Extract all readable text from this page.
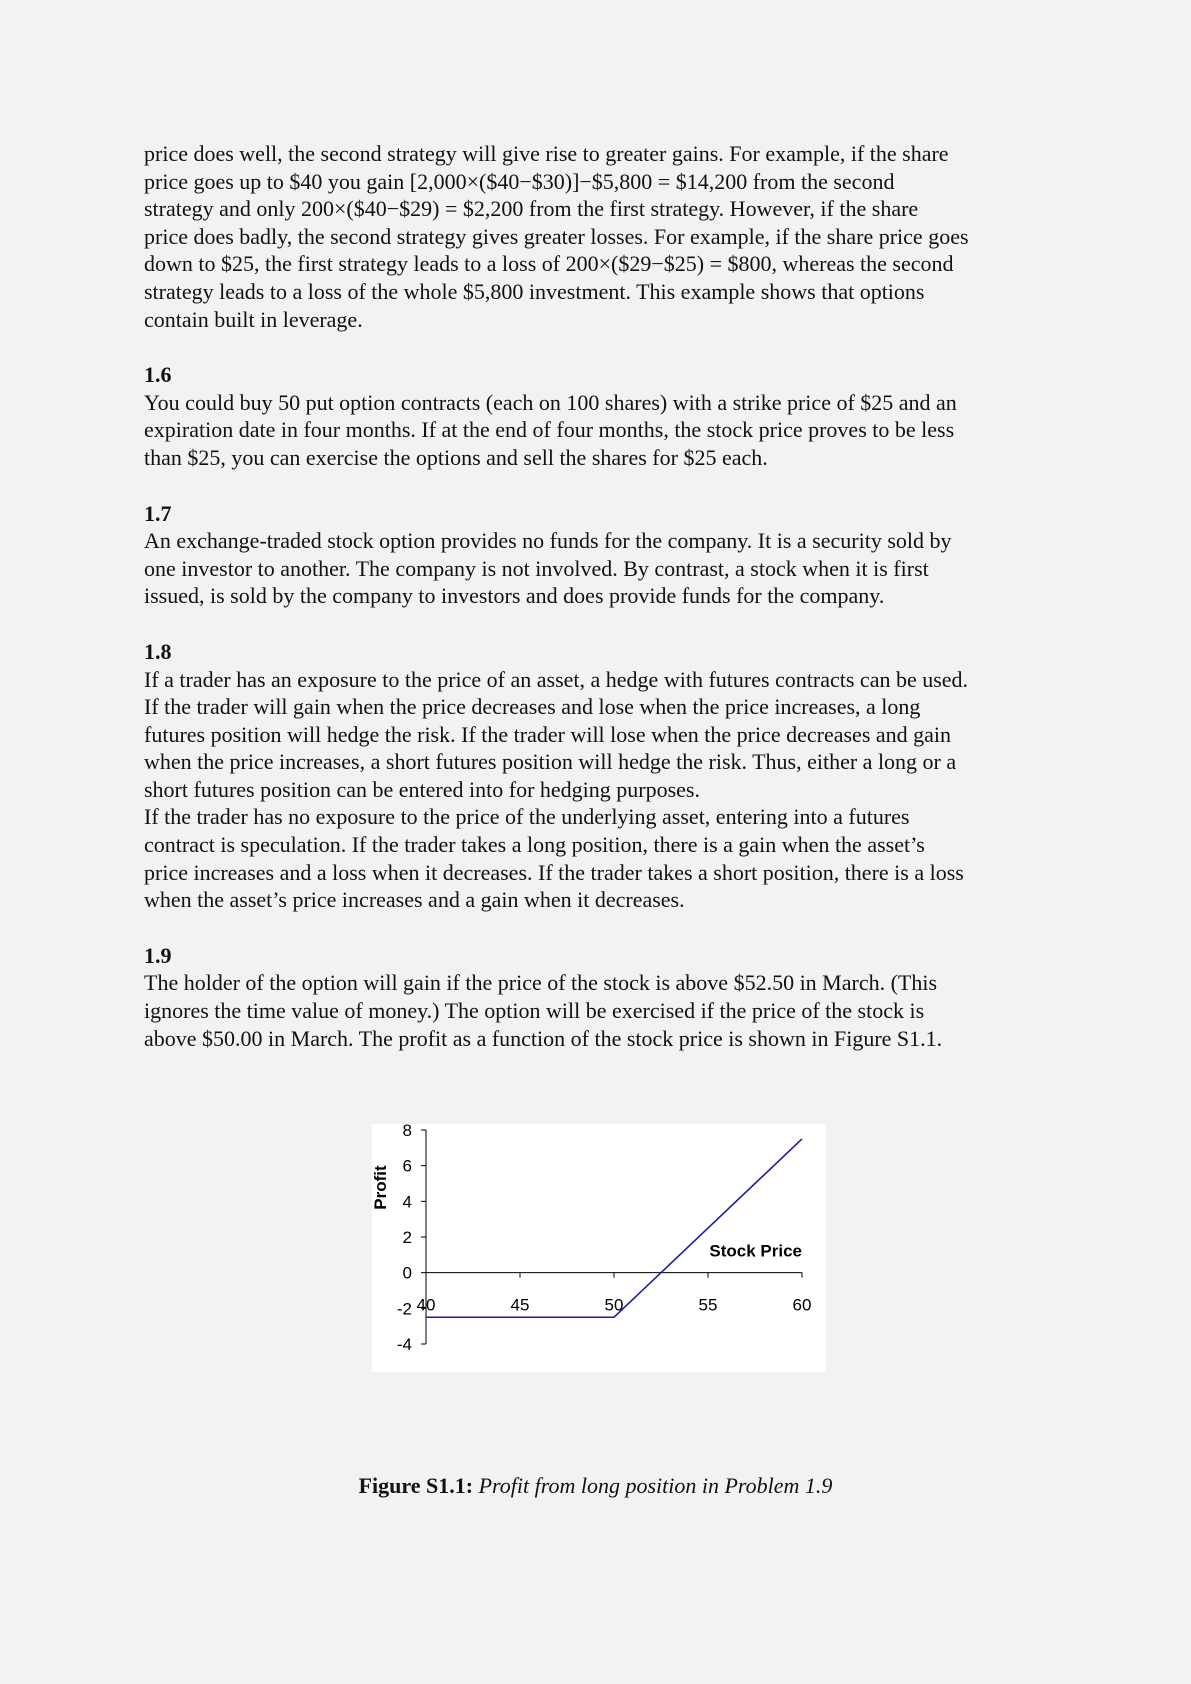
price does well, the second strategy will give rise to greater gains. For example, if the share

price goes up to $40 you gain [2,000×($40−$30)]−$5,800 = $14,200 from the second

strategy and only 200×($40−$29) = $2,200 from the first strategy. However, if the share

price does badly, the second strategy gives greater losses. For example, if the share price goes

down to $25, the first strategy leads to a loss of 200×($29−$25) = $800, whereas the second

strategy leads to a loss of the whole $5,800 investment. This example shows that options

contain built in leverage.

1.6

You could buy 50 put option contracts (each on 100 shares) with a strike price of $25 and an

expiration date in four months. If at the end of four months, the stock price proves to be less

than $25, you can exercise the options and sell the shares for $25 each.

1.7

An exchange-traded stock option provides no funds for the company. It is a security sold by

one investor to another. The company is not involved. By contrast, a stock when it is first

issued, is sold by the company to investors and does provide funds for the company.

1.8

If a trader has an exposure to the price of an asset, a hedge with futures contracts can be used.

If the trader will gain when the price decreases and lose when the price increases, a long

futures position will hedge the risk. If the trader will lose when the price decreases and gain

when the price increases, a short futures position will hedge the risk. Thus, either a long or a

short futures position can be entered into for hedging purposes.

If the trader has no exposure to the price of the underlying asset, entering into a futures

contract is speculation. If the trader takes a long position, there is a gain when the asset’s

price increases and a loss when it decreases. If the trader takes a short position, there is a loss

when the asset’s price increases and a gain when it decreases.

1.9

The holder of the option will gain if the price of the stock is above $52.50 in March. (This

ignores the time value of money.) The option will be exercised if the price of the stock is

above $50.00 in March. The profit as a function of the stock price is shown in Figure S1.1.

-4
-2
0
2
4
6
8
40	45	50	55	60
Stock Price
Profit
Figure S1.1: Profit from long position in Problem 1.9
